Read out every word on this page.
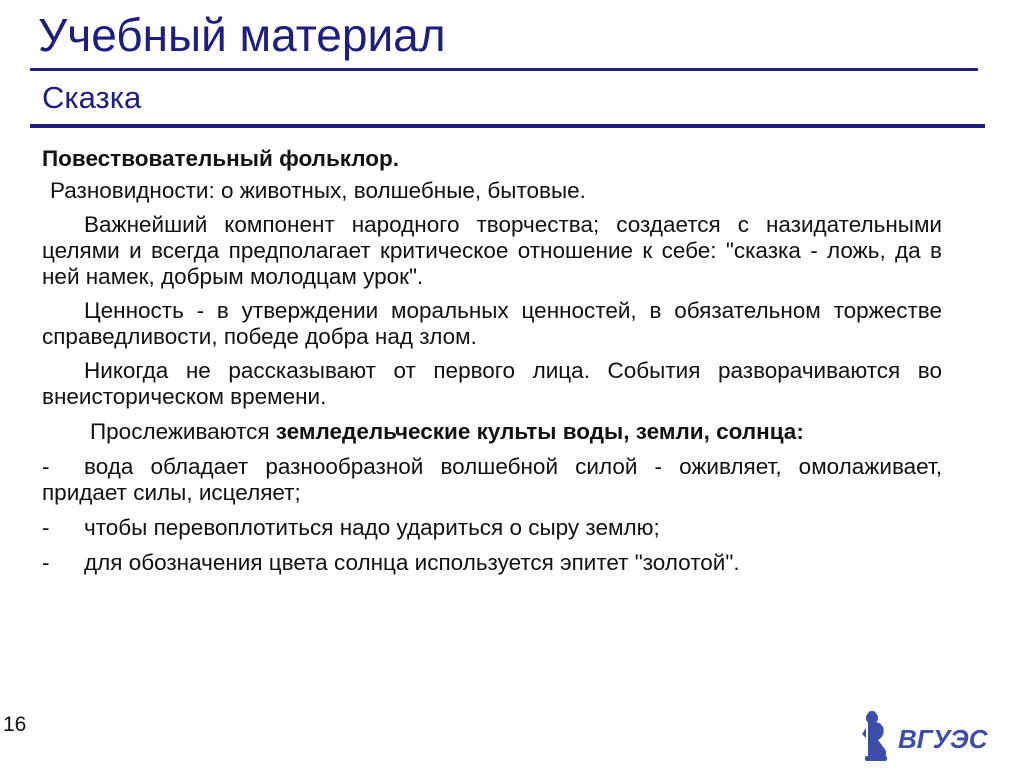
Учебный материал
Сказка

Повествовательный фольклор.

Разновидности: о животных, волшебные, бытовые.

Важнейший компонент народного творчества; создается с назидательными целями и всегда предполагает критическое отношение к себе: "сказка - ложь, да в ней намек, добрым молодцам урок".

Ценность - в утверждении моральных ценностей, в обязательном торжестве справедливости, победе добра над злом.

Никогда не рассказывают от первого лица. События разворачиваются во внеисторическом времени.

Прослеживаются земледельческие культы воды, земли, солнца:

- вода обладает разнообразной волшебной силой - оживляет, омолаживает, придает силы, исцеляет;

-	чтобы перевоплотиться надо удариться о сыру землю;

-	для обозначения цвета солнца используется эпитет "золотой".

16	ВГУЭС
